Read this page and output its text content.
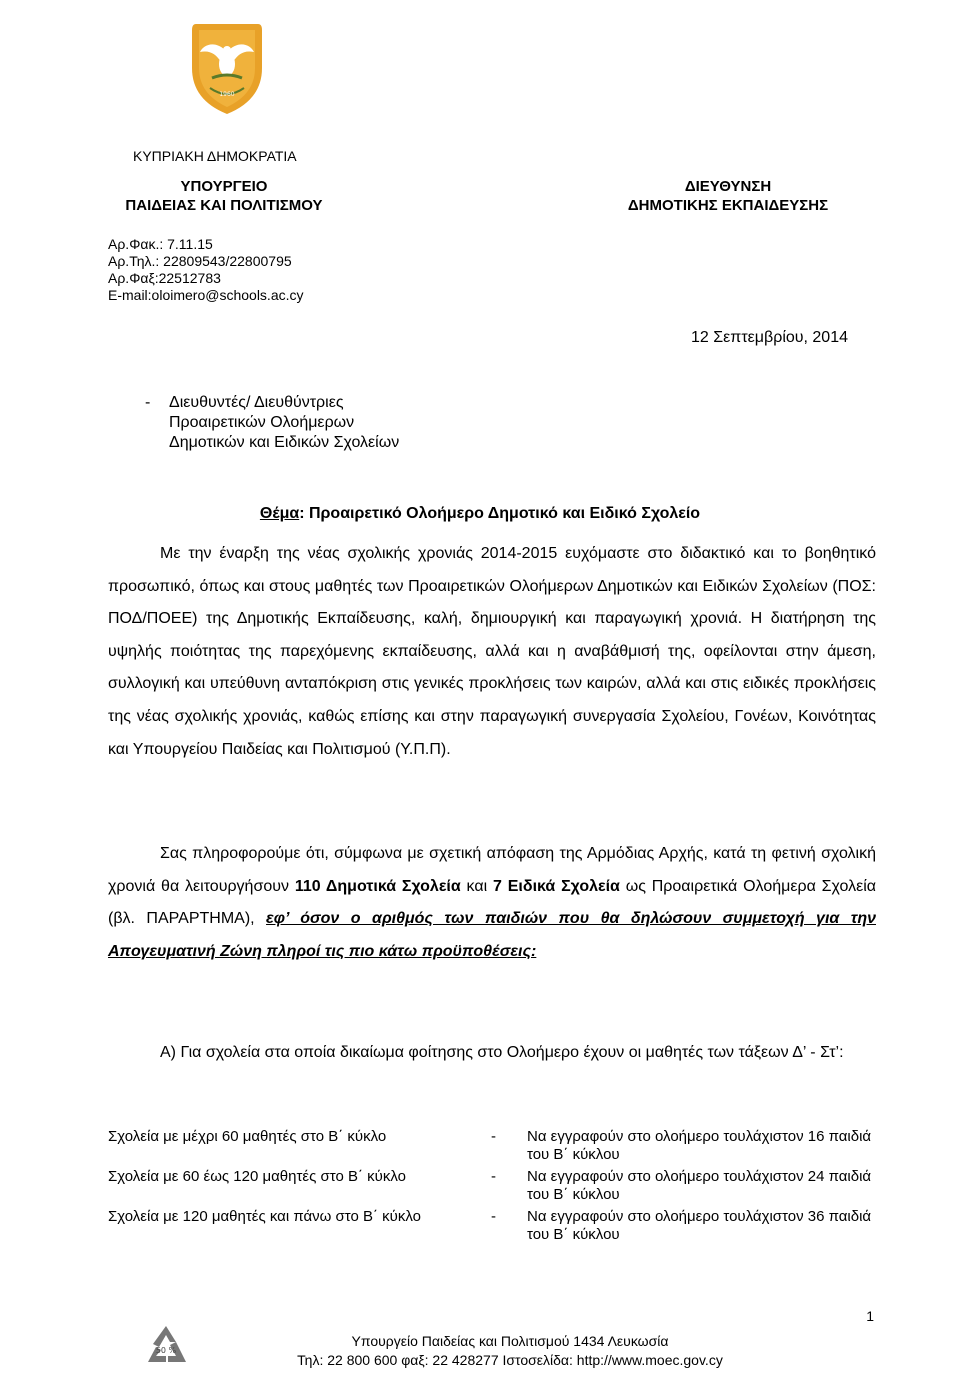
1960
ΚΥΠΡΙΑΚΗ ΔΗΜΟΚΡΑΤΙΑ
ΥΠΟΥΡΓΕΙΟ
ΠΑΙΔΕΙΑΣ ΚΑΙ ΠΟΛΙΤΙΣΜΟΥ
ΔΙΕΥΘΥΝΣΗ
ΔΗΜΟΤΙΚΗΣ ΕΚΠΑΙΔΕΥΣΗΣ
Αρ.Φακ.: 7.11.15
Αρ.Τηλ.: 22809543/22800795
Αρ.Φαξ:22512783
E-mail:oloimero@schools.ac.cy
12 Σεπτεμβρίου, 2014
- Διευθυντές/ Διευθύντριες
Προαιρετικών Ολοήμερων
Δημοτικών και Ειδικών Σχολείων
Θέμα: Προαιρετικό Ολοήμερο Δημοτικό και Ειδικό Σχολείο

Με την έναρξη της νέας σχολικής χρονιάς 2014-2015 ευχόμαστε στο διδακτικό και το βοηθητικό προσωπικό, όπως και στους μαθητές των Προαιρετικών Ολοήμερων Δημοτικών και Ειδικών Σχολείων (ΠΟΣ: ΠΟΔ/ΠΟΕΕ) της Δημοτικής Εκπαίδευσης, καλή, δημιουργική και παραγωγική χρονιά. Η διατήρηση της υψηλής ποιότητας της παρεχόμενης εκπαίδευσης, αλλά και η αναβάθμισή της, οφείλονται στην άμεση, συλλογική και υπεύθυνη ανταπόκριση στις γενικές προκλήσεις των καιρών, αλλά και στις ειδικές προκλήσεις της νέας σχολικής χρονιάς, καθώς επίσης και στην παραγωγική συνεργασία Σχολείου, Γονέων, Κοινότητας και Υπουργείου Παιδείας και Πολιτισμού (Υ.Π.Π).

Σας πληροφορούμε ότι, σύμφωνα με σχετική απόφαση της Αρμόδιας Αρχής, κατά τη φετινή σχολική χρονιά θα λειτουργήσουν 110 Δημοτικά Σχολεία και 7 Ειδικά Σχολεία ως Προαιρετικά Ολοήμερα Σχολεία (βλ. ΠΑΡΑΡΤΗΜΑ), εφ’ όσον ο αριθμός των παιδιών που θα δηλώσουν συμμετοχή για την Απογευματινή Ζώνη πληροί τις πιο κάτω προϋποθέσεις:

Α) Για σχολεία στα οποία δικαίωμα φοίτησης στο Ολοήμερο έχουν οι μαθητές των τάξεων Δ’ - Στ’:

Σχολεία με μέχρι 60 μαθητές στο Β΄ κύκλο	-	Να εγγραφούν στο ολοήμερο τουλάχιστον 16 παιδιά του Β΄ κύκλου
Σχολεία με 60 έως 120 μαθητές στο Β΄ κύκλο	-	Να εγγραφούν στο ολοήμερο τουλάχιστον 24 παιδιά του Β΄ κύκλου
Σχολεία με 120 μαθητές και πάνω στο Β΄ κύκλο	-	Να εγγραφούν στο ολοήμερο τουλάχιστον 36 παιδιά του Β΄ κύκλου
1
50 %
Υπουργείο Παιδείας και Πολιτισμού 1434 Λευκωσία
Τηλ: 22 800 600 φαξ: 22 428277 Ιστοσελίδα: http://www.moec.gov.cy
